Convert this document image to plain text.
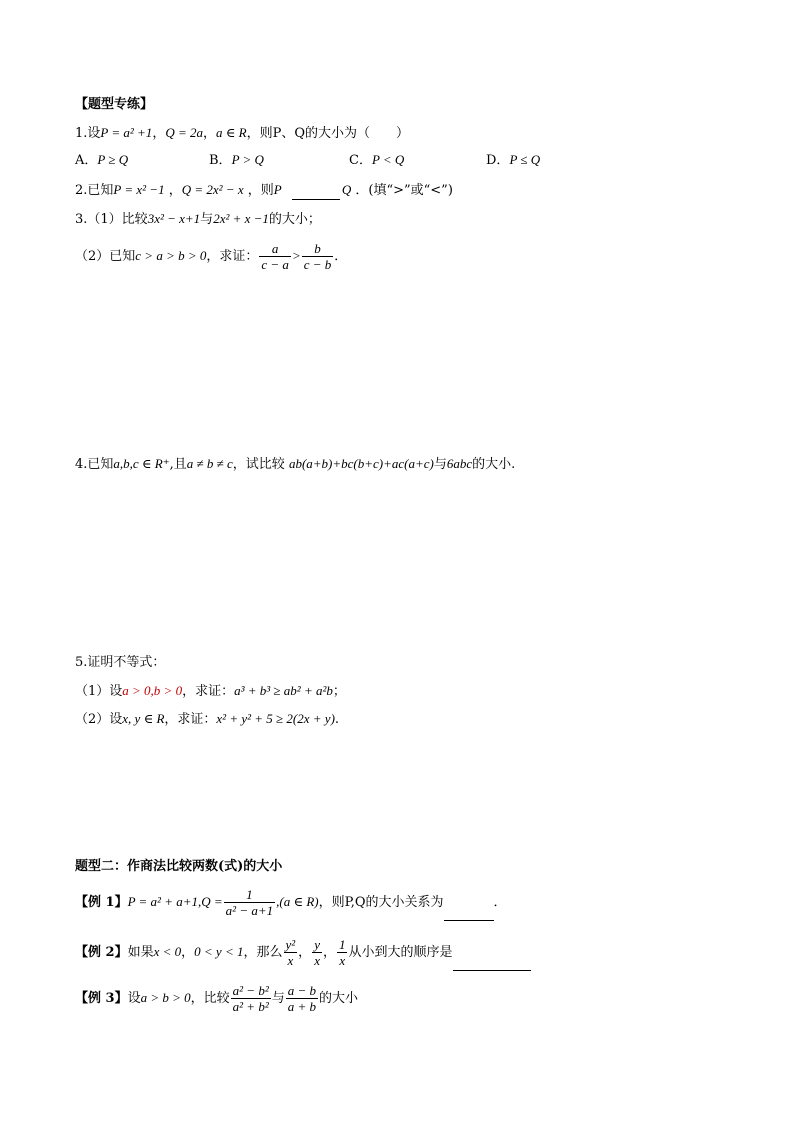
【题型专练】
1.设P = a² +1，Q = 2a，a ∈ R，则P、Q的大小为（　　）
A．P ≥ Q	B．P > Q	C．P < Q	D．P ≤ Q
2.已知P = x² −1 ，Q = 2x² − x ，则P	Q ．(填“>”或“<”)
3.（1）比较3x² − x+1与2x² + x −1的大小；
（2）已知c > a > b > 0，求证： $\frac{a}{c - a} > \frac{b}{c - b}$ ．
4.已知a,b,c ∈ R⁺,且a ≠ b ≠ c，试比较 ab(a+b)+bc(b+c)+ac(a+c)与6abc的大小.
5.证明不等式：
（1）设a > 0,b > 0，求证：a³ + b³ ≥ ab² + a²b；
（2）设x, y ∈ R，求证：x² + y² + 5 ≥ 2(2x + y).
题型二：作商法比较两数(式)的大小
【例 1】$P = a^2 + a+1,Q = \frac{1}{\text{a² − a+1}} ,(a$ ∈ R)，则P,Q的大小关系为	．
【例 2】如果x < 0，0 < y < 1，那么 $\frac{\text{y²}}{x}$ ， $\frac{y}{x}$ ， $\frac{1}{x}$ 从小到大的顺序是
【例 3】设a > b > 0，比较 $\frac{\text{a² − b²}}{\text{a² + b²}}$ 与 $\frac{a - b}{a + b}$ 的大小
